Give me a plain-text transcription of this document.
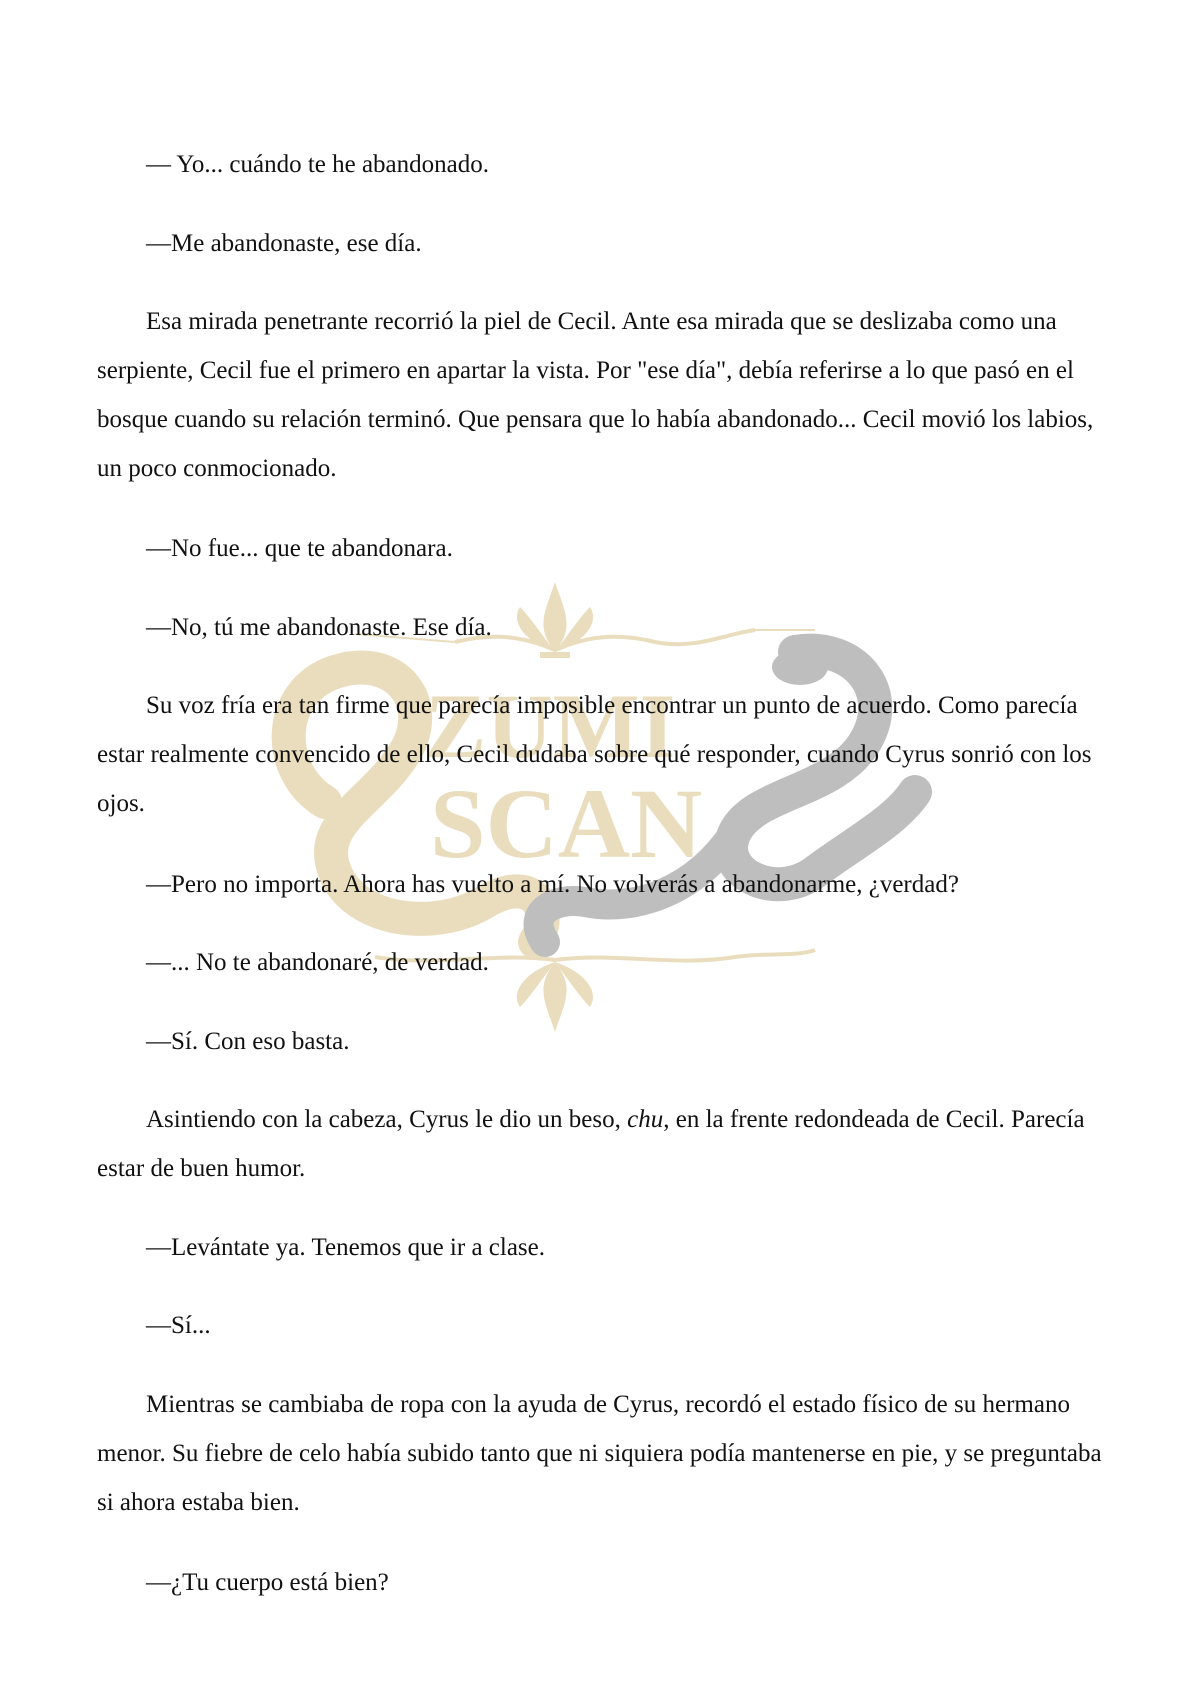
ZUMI
SCAN

— Yo... cuándo te he abandonado.

—Me abandonaste, ese día.

Esa mirada penetrante recorrió la piel de Cecil. Ante esa mirada que se deslizaba como una serpiente, Cecil fue el primero en apartar la vista. Por "ese día", debía referirse a lo que pasó en el bosque cuando su relación terminó. Que pensara que lo había abandonado... Cecil movió los labios, un poco conmocionado.

—No fue... que te abandonara.

—No, tú me abandonaste. Ese día.

Su voz fría era tan firme que parecía imposible encontrar un punto de acuerdo. Como parecía estar realmente convencido de ello, Cecil dudaba sobre qué responder, cuando Cyrus sonrió con los ojos.

—Pero no importa. Ahora has vuelto a mí. No volverás a abandonarme, ¿verdad?

—... No te abandonaré, de verdad.

—Sí. Con eso basta.

Asintiendo con la cabeza, Cyrus le dio un beso, chu, en la frente redondeada de Cecil. Parecía estar de buen humor.

—Levántate ya. Tenemos que ir a clase.

—Sí...

Mientras se cambiaba de ropa con la ayuda de Cyrus, recordó el estado físico de su hermano menor. Su fiebre de celo había subido tanto que ni siquiera podía mantenerse en pie, y se preguntaba si ahora estaba bien.

—¿Tu cuerpo está bien?
